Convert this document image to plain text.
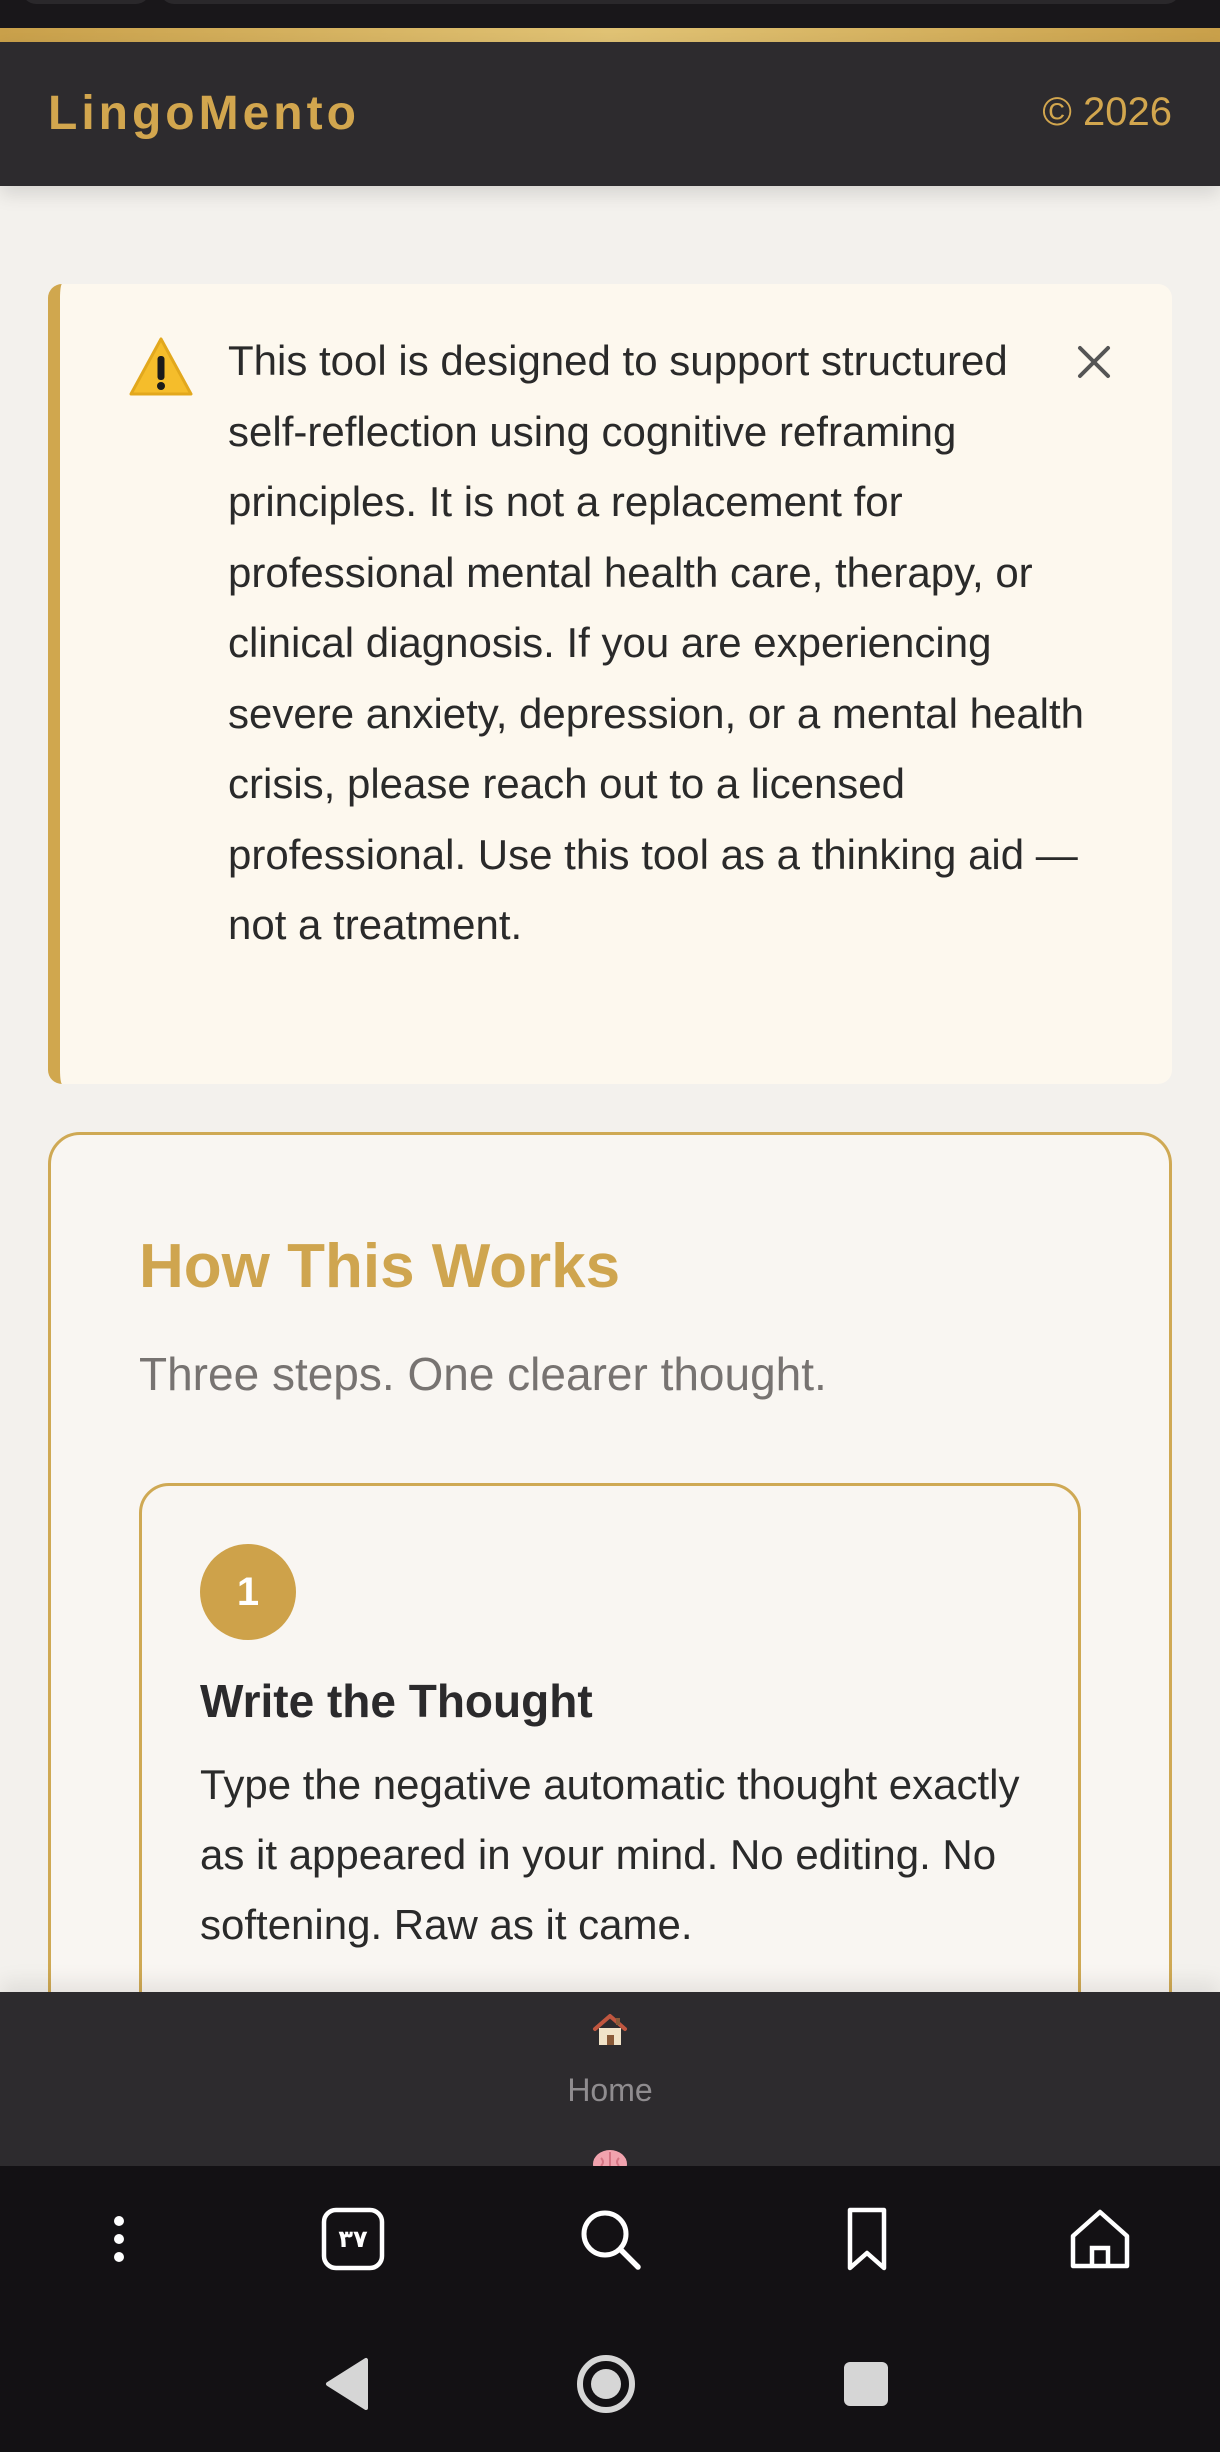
LingoMento	© 2026
This tool is designed to support structured self-reflection using cognitive reframing principles. It is not a replacement for professional mental health care, therapy, or clinical diagnosis. If you are experiencing severe anxiety, depression, or a mental health crisis, please reach out to a licensed professional. Use this tool as a thinking aid — not a treatment.
How This Works
Three steps. One clearer thought.
1
Write the Thought
Type the negative automatic thought exactly as it appeared in your mind. No editing. No softening. Raw as it came.
Home
۳۷
